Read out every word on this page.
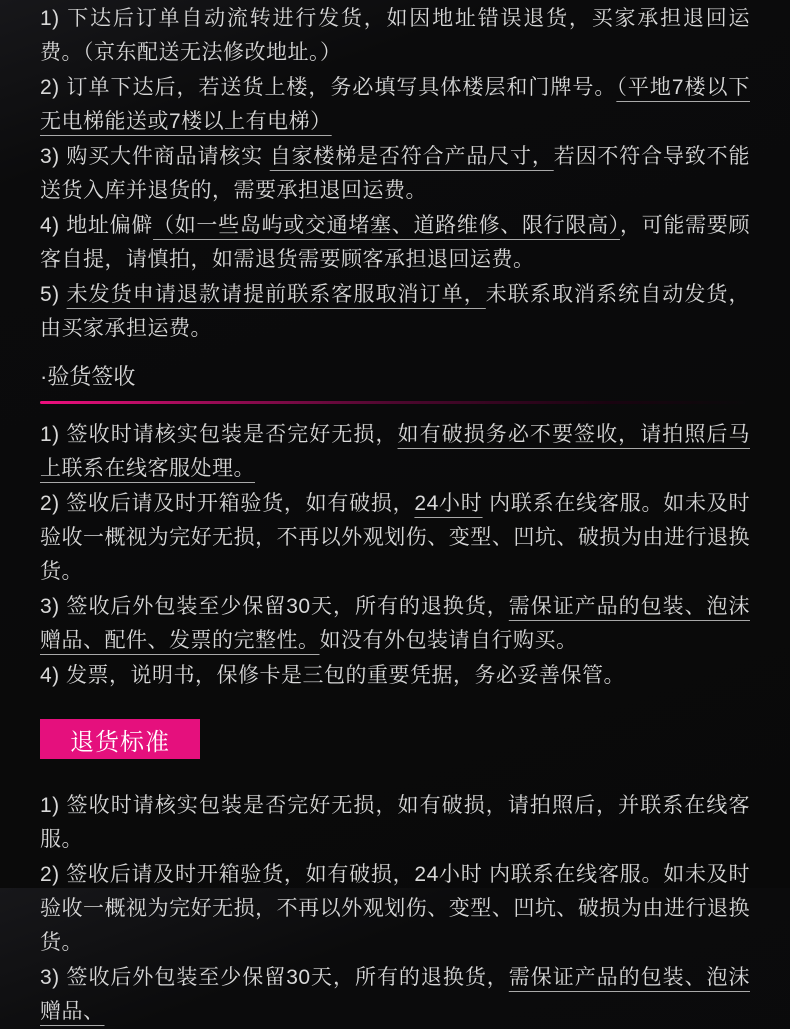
1) 下达后订单自动流转进行发货，如因地址错误退货，买家承担退回运费。（京东配送无法修改地址。）

2) 订单下达后，若送货上楼，务必填写具体楼层和门牌号。（平地7楼以下无电梯能送或7楼以上有电梯）

3) 购买大件商品请核实 自家楼梯是否符合产品尺寸，若因不符合导致不能送货入库并退货的，需要承担退回运费。

4) 地址偏僻（如一些岛屿或交通堵塞、道路维修、限行限高），可能需要顾客自提，请慎拍，如需退货需要顾客承担退回运费。

5) 未发货申请退款请提前联系客服取消订单，未联系取消系统自动发货，由买家承担运费。

·验货签收

1) 签收时请核实包装是否完好无损，如有破损务必不要签收，请拍照后马上联系在线客服处理。

2) 签收后请及时开箱验货，如有破损，24小时 内联系在线客服。如未及时验收一概视为完好无损，不再以外观划伤、变型、凹坑、破损为由进行退换货。

3) 签收后外包装至少保留30天，所有的退换货，需保证产品的包装、泡沫赠品、配件、发票的完整性。如没有外包装请自行购买。

4) 发票，说明书，保修卡是三包的重要凭据，务必妥善保管。

退货标准

1) 签收时请核实包装是否完好无损，如有破损，请拍照后，并联系在线客服。

2) 签收后请及时开箱验货，如有破损，24小时 内联系在线客服。如未及时验收一概视为完好无损，不再以外观划伤、变型、凹坑、破损为由进行退换货。

3) 签收后外包装至少保留30天，所有的退换货，需保证产品的包装、泡沫赠品、
